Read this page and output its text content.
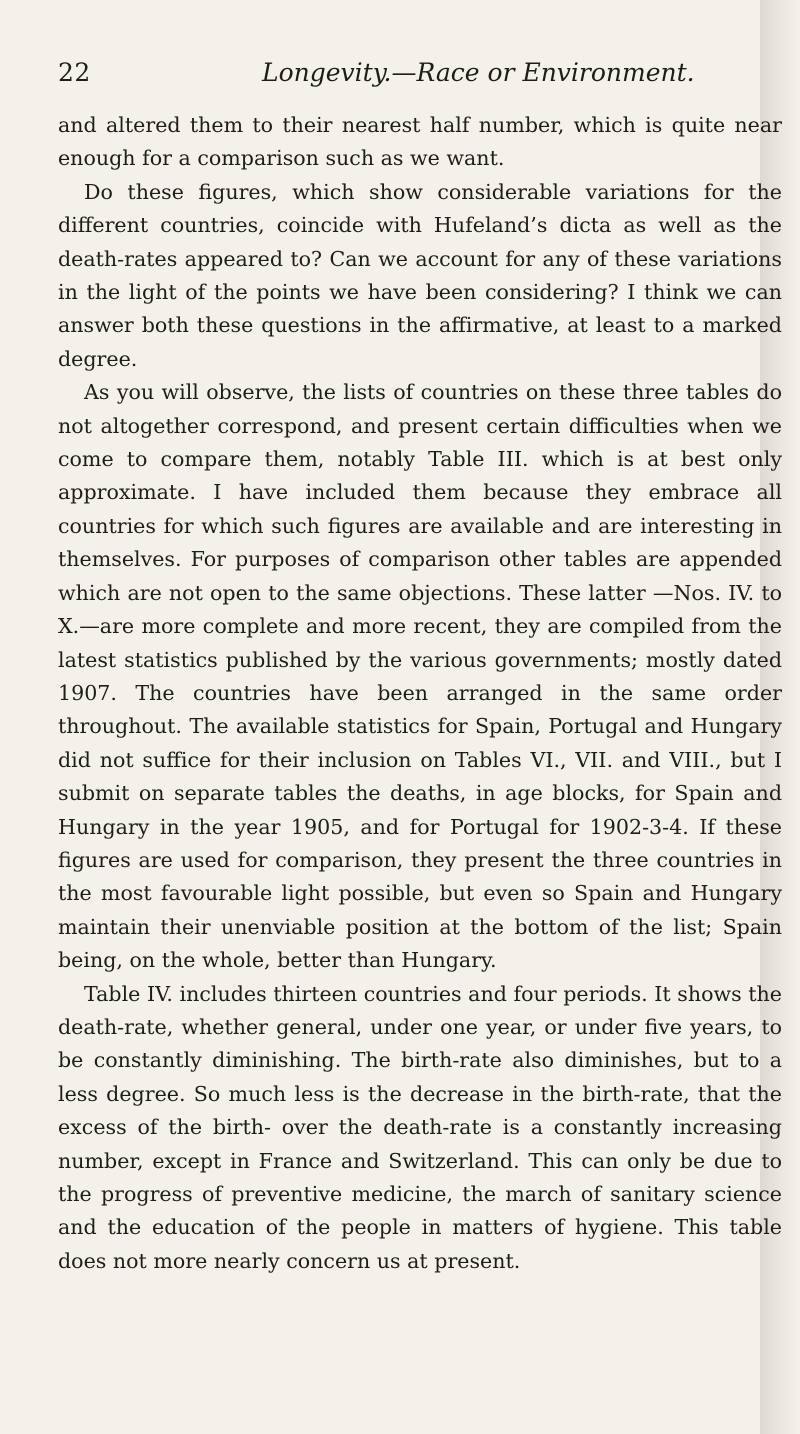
22	Longevity.—Race or Environment.

and altered them to their nearest half number, which is quite near enough for a comparison such as we want.

Do these figures, which show considerable variations for the different countries, coincide with Hufeland’s dicta as well as the death-rates appeared to? Can we account for any of these variations in the light of the points we have been considering? I think we can answer both these questions in the affirmative, at least to a marked degree.

As you will observe, the lists of countries on these three tables do not altogether correspond, and present certain difficulties when we come to compare them, notably Table III. which is at best only approximate. I have included them because they embrace all countries for which such figures are available and are interesting in themselves. For purposes of comparison other tables are appended which are not open to the same objections. These latter —Nos. IV. to X.—are more complete and more recent, they are compiled from the latest statistics published by the various governments; mostly dated 1907. The countries have been arranged in the same order throughout. The available statistics for Spain, Portugal and Hungary did not suffice for their inclusion on Tables VI., VII. and VIII., but I submit on separate tables the deaths, in age blocks, for Spain and Hungary in the year 1905, and for Portugal for 1902-3-4. If these figures are used for comparison, they present the three countries in the most favourable light possible, but even so Spain and Hungary maintain their unenviable position at the bottom of the list; Spain being, on the whole, better than Hungary.

Table IV. includes thirteen countries and four periods. It shows the death-rate, whether general, under one year, or under five years, to be constantly diminishing. The birth-rate also diminishes, but to a less degree. So much less is the decrease in the birth-rate, that the excess of the birth- over the death-rate is a constantly increasing number, except in France and Switzerland. This can only be due to the progress of preventive medicine, the march of sanitary science and the education of the people in matters of hygiene. This table does not more nearly concern us at present.
